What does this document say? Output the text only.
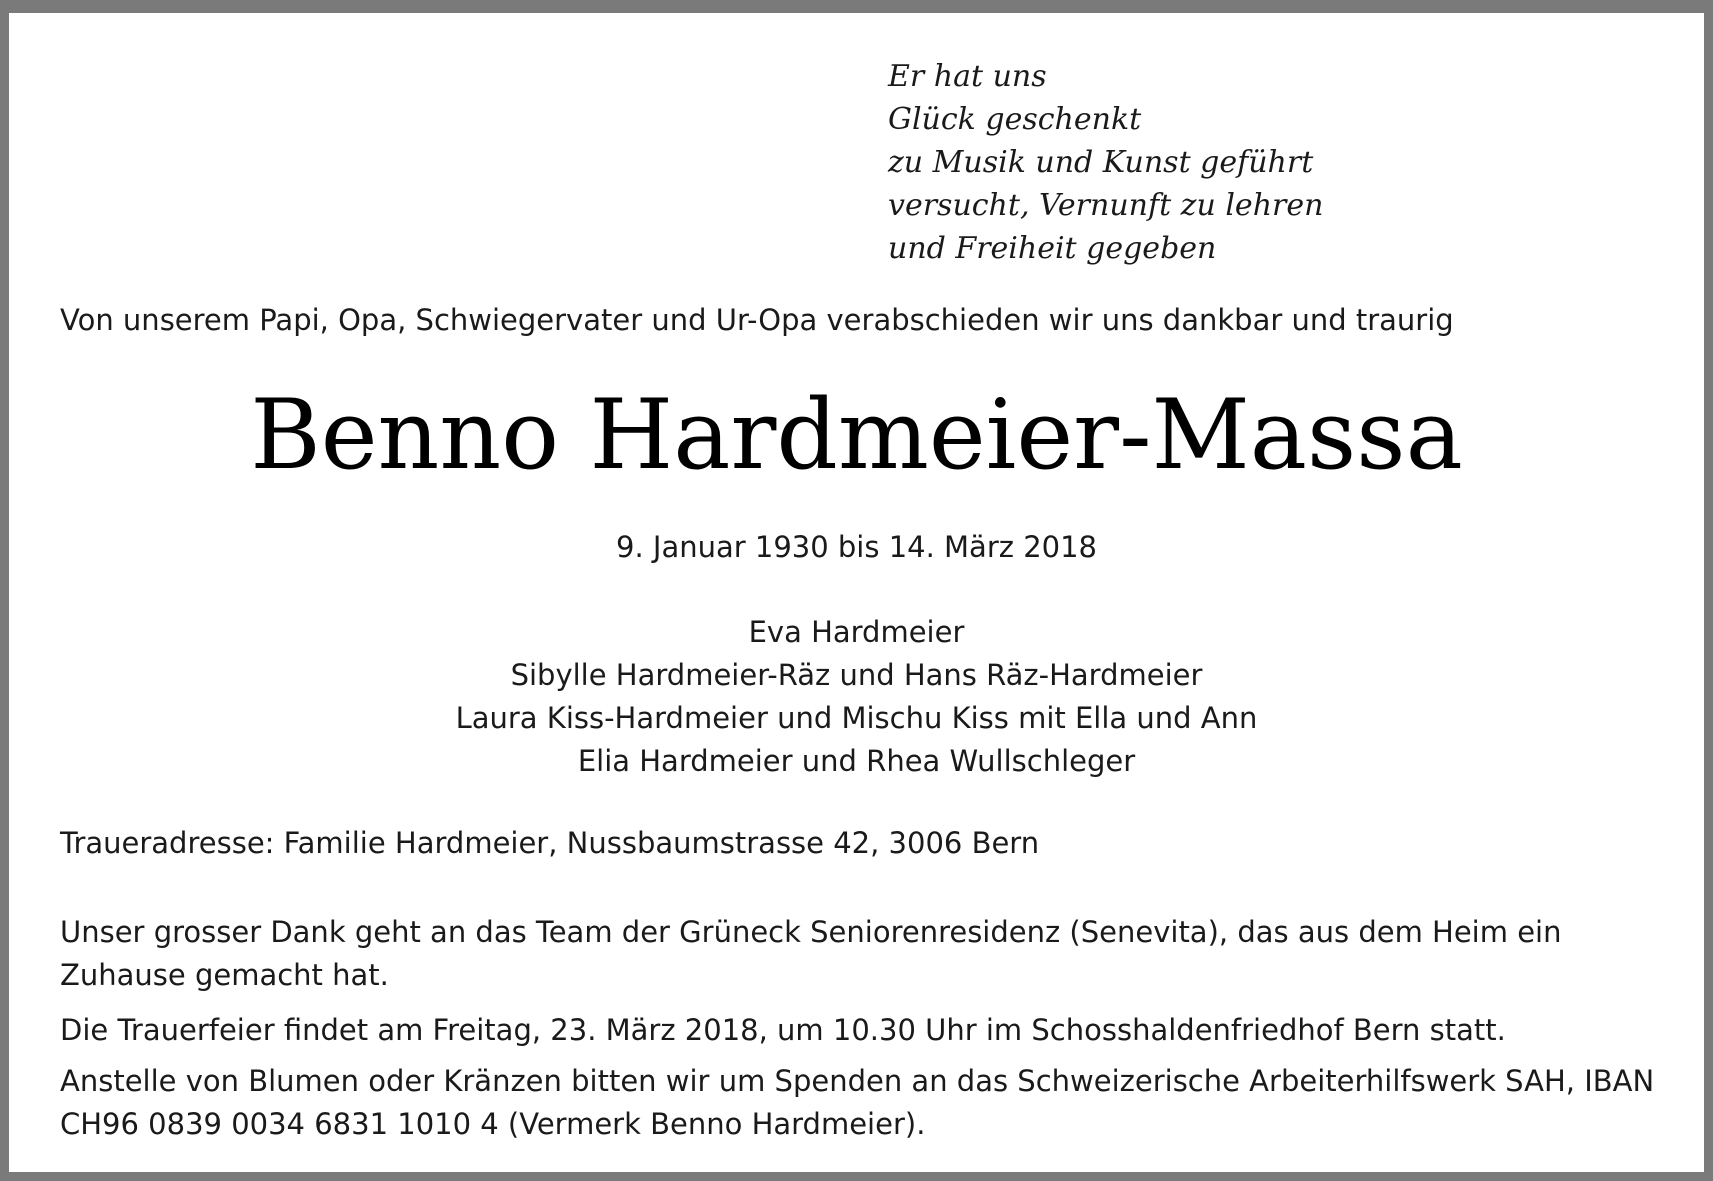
Er hat uns
Glück geschenkt
zu Musik und Kunst geführt
versucht, Vernunft zu lehren
und Freiheit gegeben
Von unserem Papi, Opa, Schwiegervater und Ur-Opa verabschieden wir uns dankbar und traurig
Benno Hardmeier-Massa
9. Januar 1930 bis 14. März 2018
Eva Hardmeier
Sibylle Hardmeier-Räz und Hans Räz-Hardmeier
Laura Kiss-Hardmeier und Mischu Kiss mit Ella und Ann
Elia Hardmeier und Rhea Wullschleger
Traueradresse: Familie Hardmeier, Nussbaumstrasse 42, 3006 Bern
Unser grosser Dank geht an das Team der Grüneck Seniorenresidenz (Senevita), das aus dem Heim ein Zuhause gemacht hat.
Die Trauerfeier findet am Freitag, 23. März 2018, um 10.30 Uhr im Schosshaldenfriedhof Bern statt.
Anstelle von Blumen oder Kränzen bitten wir um Spenden an das Schweizerische Arbeiterhilfswerk SAH, IBAN CH96 0839 0034 6831 1010 4 (Vermerk Benno Hardmeier).
